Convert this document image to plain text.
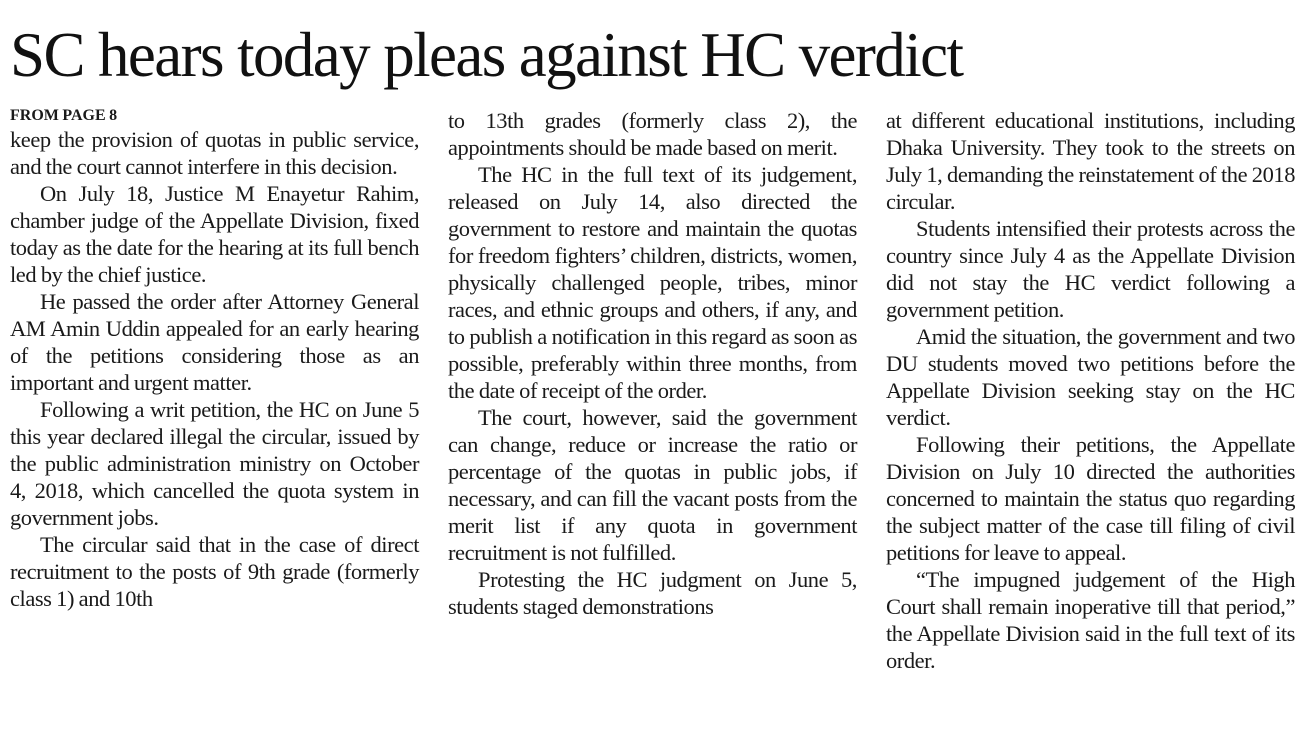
SC hears today pleas against HC verdict
FROM PAGE 8

keep the provision of quotas in public service, and the court cannot interfere in this decision.

On July 18, Justice M Enayetur Rahim, chamber judge of the Appellate Division, fixed today as the date for the hearing at its full bench led by the chief justice.

He passed the order after Attorney General AM Amin Uddin appealed for an early hearing of the petitions considering those as an important and urgent matter.

Following a writ petition, the HC on June 5 this year declared illegal the circular, issued by the public administration ministry on October 4, 2018, which cancelled the quota system in government jobs.

The circular said that in the case of direct recruitment to the posts of 9th grade (formerly class 1) and 10th

to 13th grades (formerly class 2), the appointments should be made based on merit.

The HC in the full text of its judgement, released on July 14, also directed the government to restore and maintain the quotas for freedom fighters’ children, districts, women, physically challenged people, tribes, minor races, and ethnic groups and others, if any, and to publish a notification in this regard as soon as possible, preferably within three months, from the date of receipt of the order.

The court, however, said the government can change, reduce or increase the ratio or percentage of the quotas in public jobs, if necessary, and can fill the vacant posts from the merit list if any quota in government recruitment is not fulfilled.

Protesting the HC judgment on June 5, students staged demonstrations

at different educational institutions, including Dhaka University. They took to the streets on July 1, demanding the reinstatement of the 2018 circular.

Students intensified their protests across the country since July 4 as the Appellate Division did not stay the HC verdict following a government petition.

Amid the situation, the government and two DU students moved two petitions before the Appellate Division seeking stay on the HC verdict.

Following their petitions, the Appellate Division on July 10 directed the authorities concerned to maintain the status quo regarding the subject matter of the case till filing of civil petitions for leave to appeal.

“The impugned judgement of the High Court shall remain inoperative till that period,” the Appellate Division said in the full text of its order.
